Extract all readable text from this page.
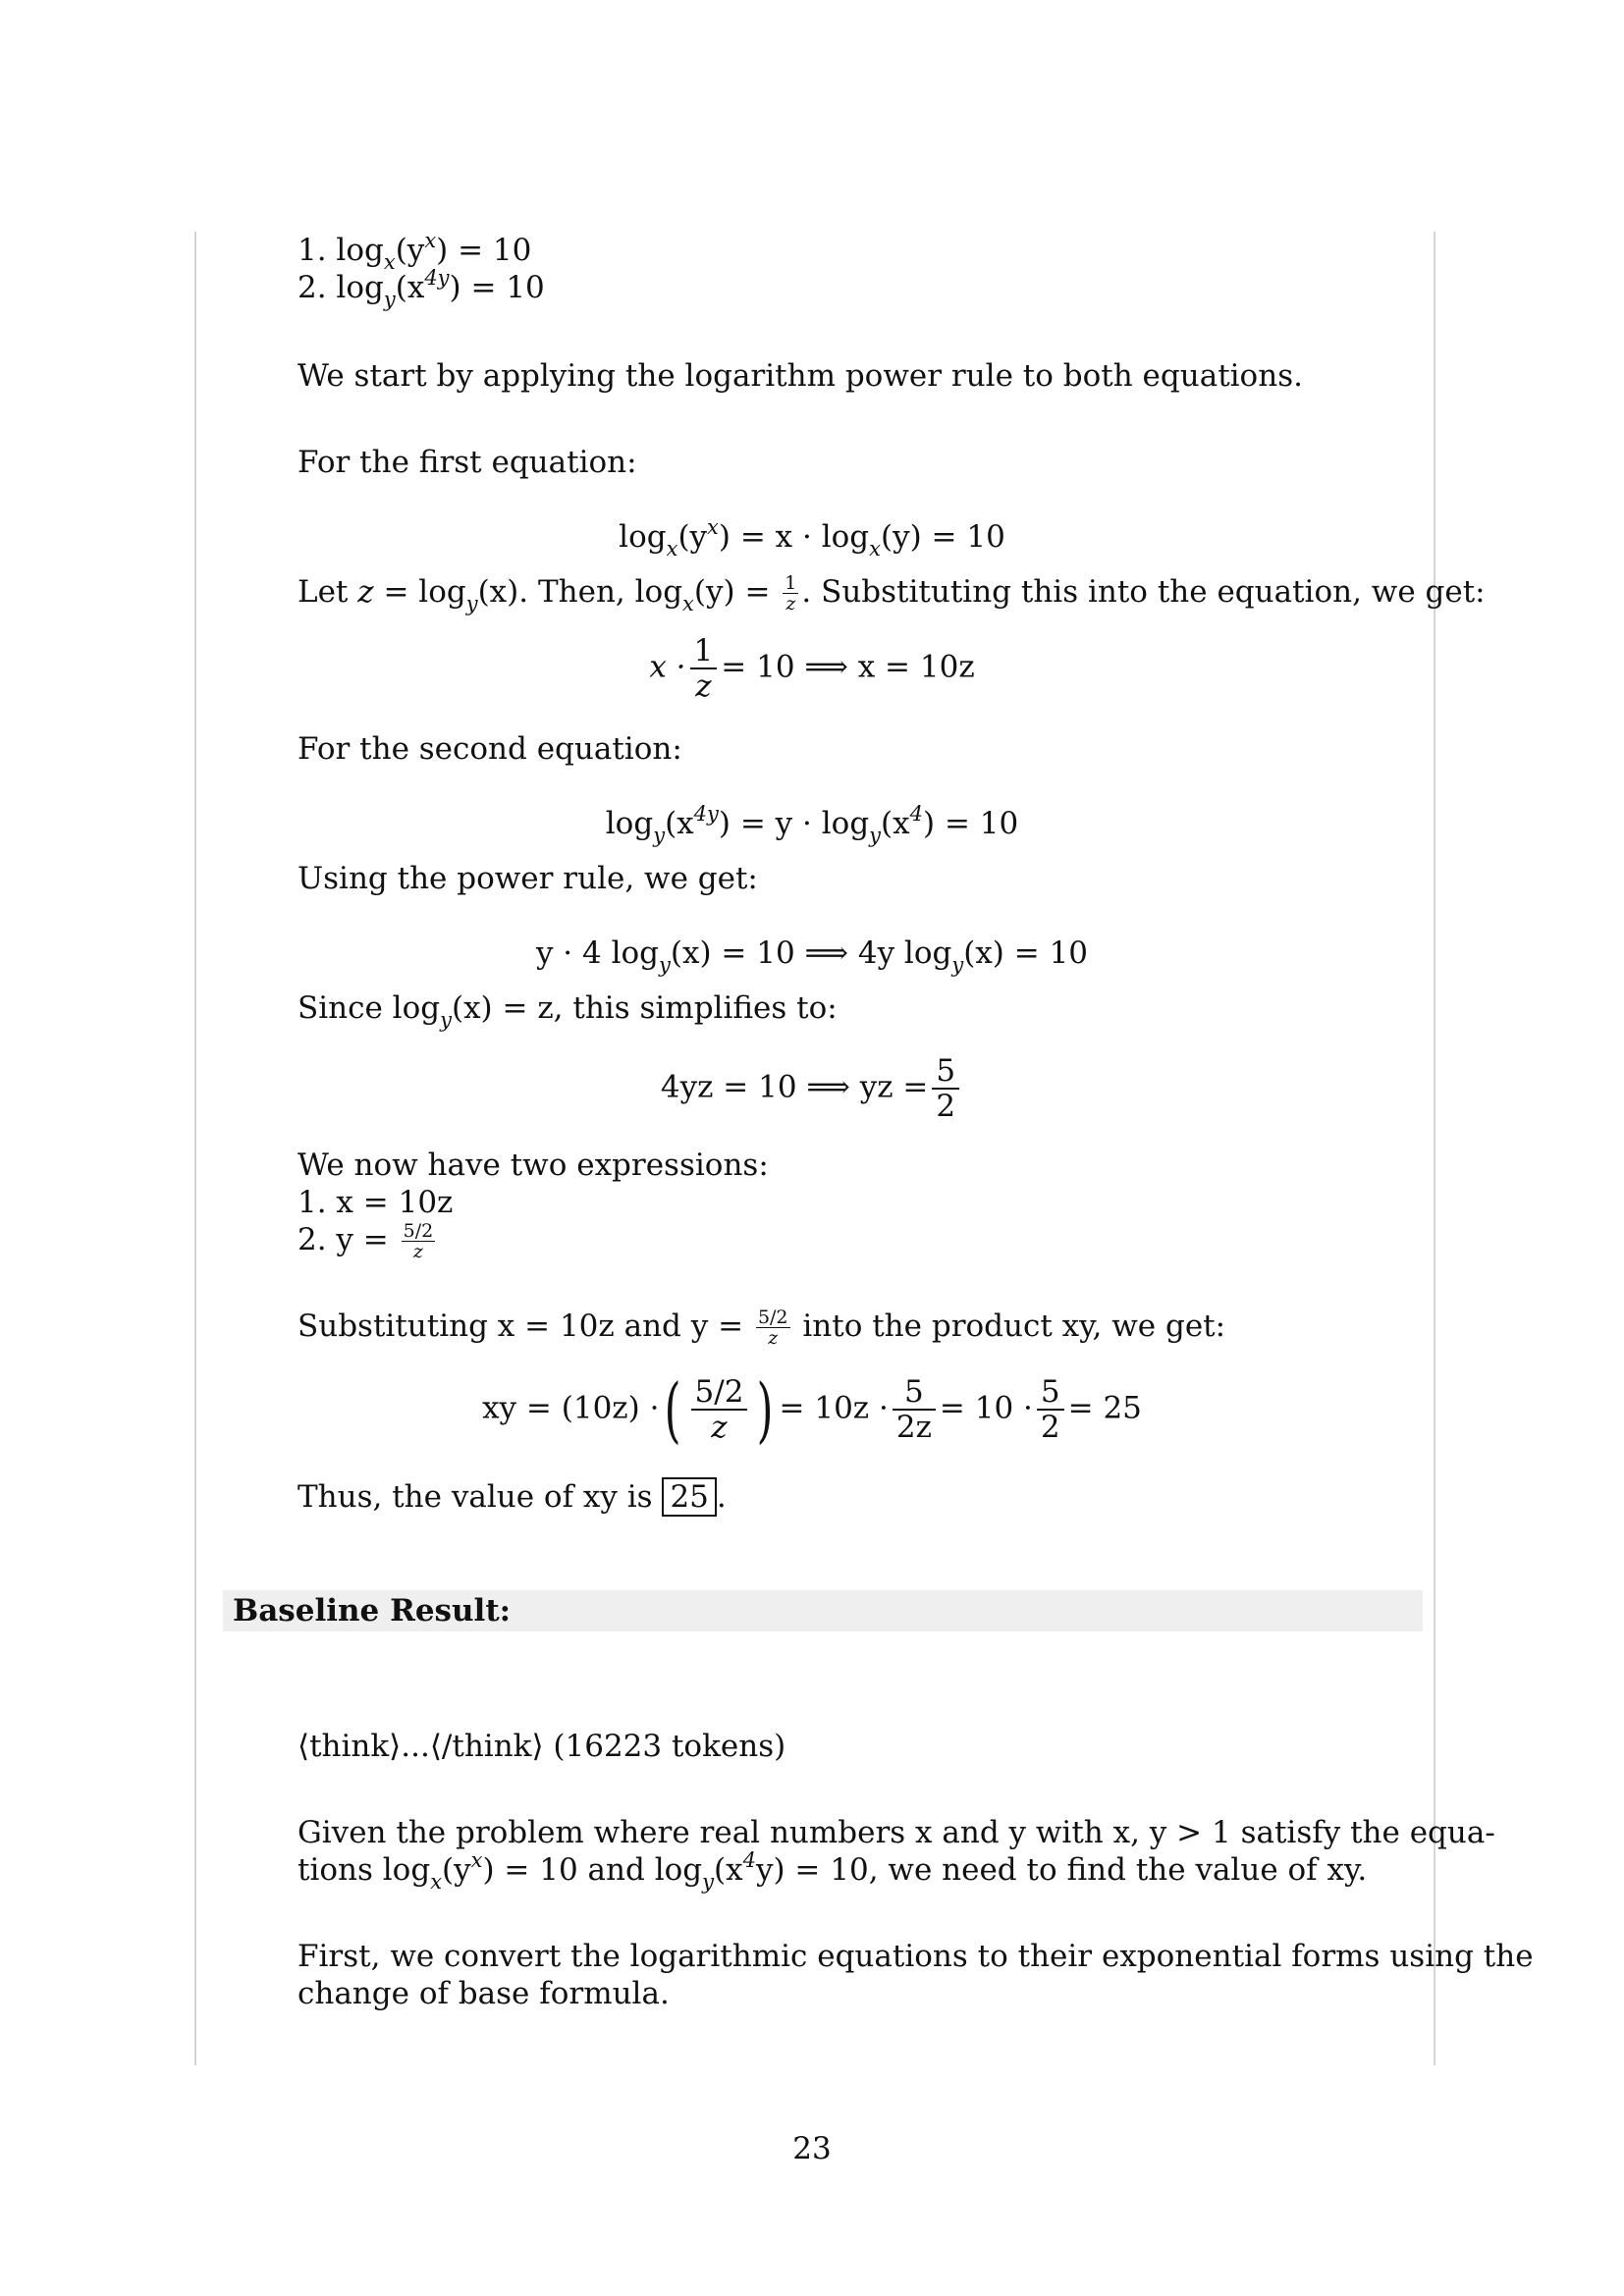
1. $\log_x(y^x) = 10$
2. $\log_y(x^{4y}) = 10$
We start by applying the logarithm power rule to both equations.
For the first equation:
$\log_x(y^x) = x \cdot \log_x(y) = 10$
Let $z = \log_y(x)$. Then, $\log_x(y) = \frac{1}{z}$ . Substituting this into the equation, we get:
$x \cdot \frac{1}{z} = 10$ ⟹ x = 10z
For the second equation:
$\log_y(x^{4y}) = y \cdot \log_y(x^4) = 10$
Using the power rule, we get:
y · 4 $\log_y(x) = 10$ ⟹ 4y $\log_y(x) = 10$
Since $\log_y(x) = z$, this simplifies to:
4yz = 10 ⟹ yz = $\frac{5}{2}$
We now have two expressions:
1. x = 10z
2. $y = \frac{5/2}{z}$
Substituting x = 10z and $y = \frac{5/2}{z}$ into the product xy, we get:
xy = (10z) ·( $\frac{5/2}{z}$ ) = $10z \cdot \frac{5}{2z} = 10 \cdot \frac{5}{2} = 25$
Thus, the value of xy is 25 .
Baseline Result:
⟨think⟩...⟨/think⟩ (16223 tokens)
Given the problem where real numbers x and y with x, y > 1 satisfy the equa-
tions $\log_x(y^x) = 10$ and $\log_y(x^4y) = 10$, we need to find the value of xy.
First, we convert the logarithmic equations to their exponential forms using the
change of base formula.
23
